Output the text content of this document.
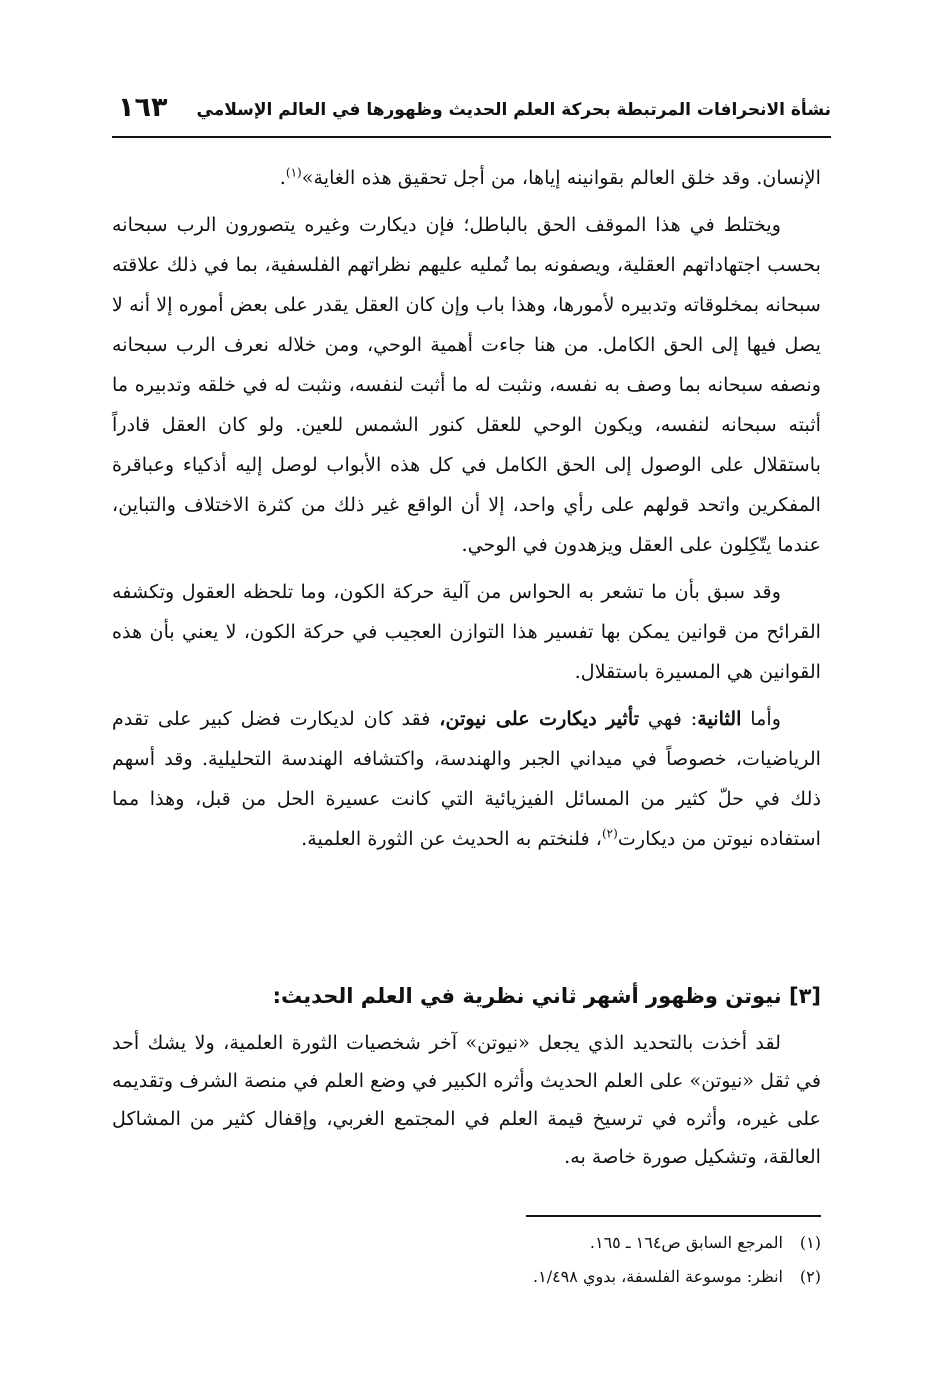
نشأة الانحرافات المرتبطة بحركة العلم الحديث وظهورها في العالم الإسلامي
١٦٣

الإنسان. وقد خلق العالم بقوانينه إياها، من أجل تحقيق هذه الغاية»$^{(١)}$.

ويختلط في هذا الموقف الحق بالباطل؛ فإن ديكارت وغيره يتصورون الرب سبحانه بحسب اجتهاداتهم العقلية، ويصفونه بما تُمليه عليهم نظراتهم الفلسفية، بما في ذلك علاقته سبحانه بمخلوقاته وتدبيره لأمورها، وهذا باب وإن كان العقل يقدر على بعض أموره إلا أنه لا يصل فيها إلى الحق الكامل. من هنا جاءت أهمية الوحي، ومن خلاله نعرف الرب سبحانه ونصفه سبحانه بما وصف به نفسه، ونثبت له ما أثبت لنفسه، ونثبت له في خلقه وتدبيره ما أثبته سبحانه لنفسه، ويكون الوحي للعقل كنور الشمس للعين. ولو كان العقل قادراً باستقلال على الوصول إلى الحق الكامل في كل هذه الأبواب لوصل إليه أذكياء وعباقرة المفكرين واتحد قولهم على رأي واحد، إلا أن الواقع غير ذلك من كثرة الاختلاف والتباين، عندما يتّكِلون على العقل ويزهدون في الوحي.

وقد سبق بأن ما تشعر به الحواس من آلية حركة الكون، وما تلحظه العقول وتكشفه القرائح من قوانين يمكن بها تفسير هذا التوازن العجيب في حركة الكون، لا يعني بأن هذه القوانين هي المسيرة باستقلال.

وأما الثانية: فهي تأثير ديكارت على نيوتن، فقد كان لديكارت فضل كبير على تقدم الرياضيات، خصوصاً في ميداني الجبر والهندسة، واكتشافه الهندسة التحليلية. وقد أسهم ذلك في حلّ كثير من المسائل الفيزيائية التي كانت عسيرة الحل من قبل، وهذا مما استفاده نيوتن من ديكارت$^{(٢)}$، فلنختم به الحديث عن الثورة العلمية.

[٣] نيوتن وظهور أشهر ثاني نظرية في العلم الحديث:

لقد أخذت بالتحديد الذي يجعل «نيوتن» آخر شخصيات الثورة العلمية، ولا يشك أحد في ثقل «نيوتن» على العلم الحديث وأثره الكبير في وضع العلم في منصة الشرف وتقديمه على غيره، وأثره في ترسيخ قيمة العلم في المجتمع الغربي، وإقفال كثير من المشاكل العالقة، وتشكيل صورة خاصة به.

(١)المرجع السابق ص١٦٤ ـ ١٦٥.
(٢)انظر: موسوعة الفلسفة، بدوي ١/٤٩٨.
